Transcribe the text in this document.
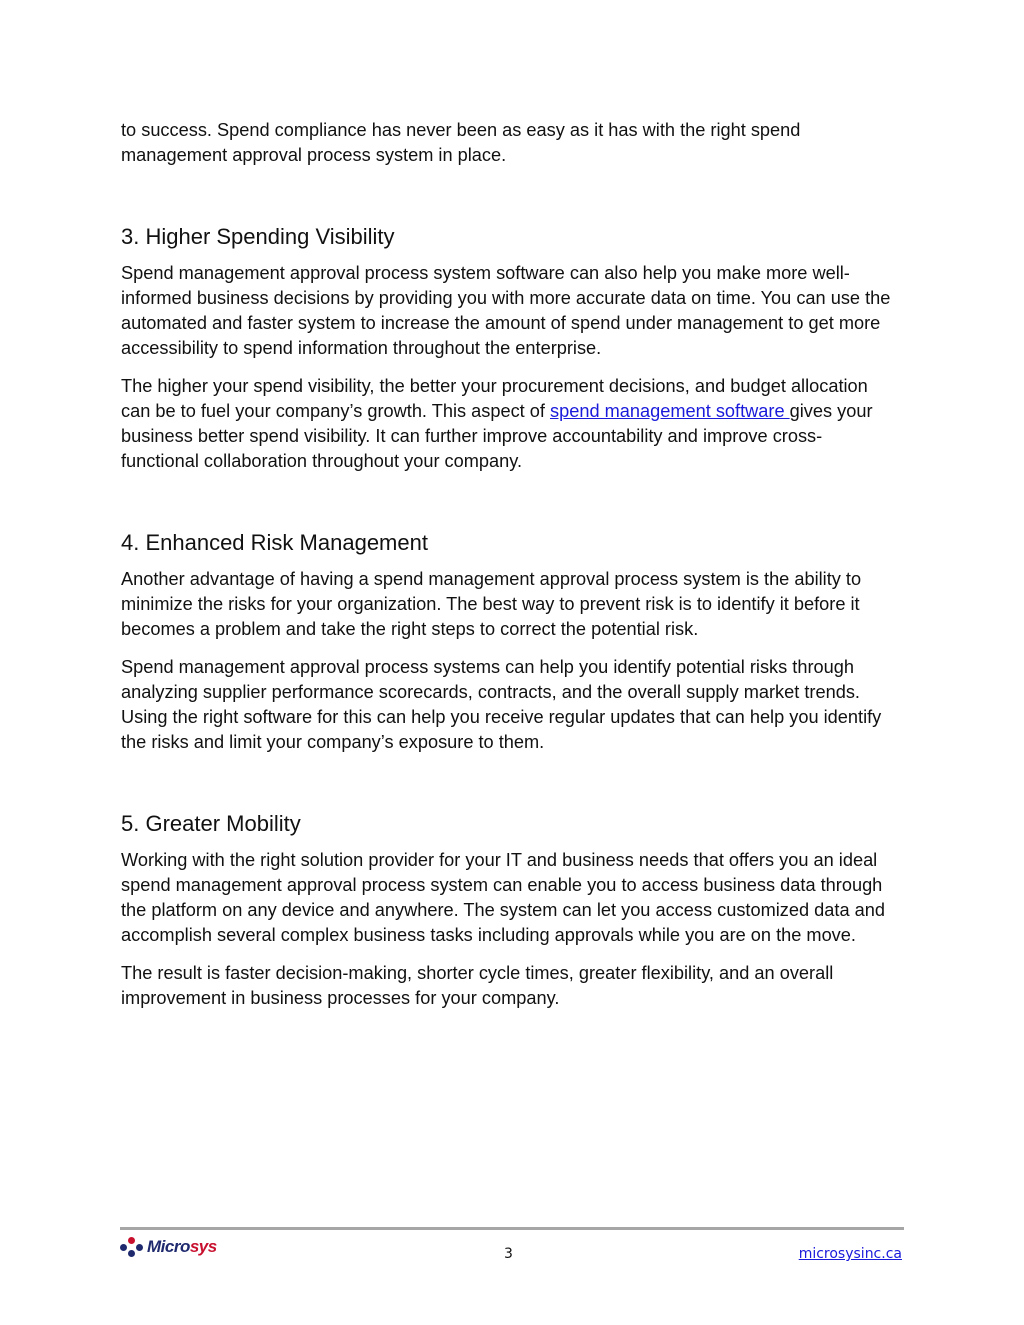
to success. Spend compliance has never been as easy as it has with the right spend management approval process system in place.

3. Higher Spending Visibility

Spend management approval process system software can also help you make more well-informed business decisions by providing you with more accurate data on time. You can use the automated and faster system to increase the amount of spend under management to get more accessibility to spend information throughout the enterprise.

The higher your spend visibility, the better your procurement decisions, and budget allocation can be to fuel your company’s growth. This aspect of spend management software gives your business better spend visibility. It can further improve accountability and improve cross-functional collaboration throughout your company.

4. Enhanced Risk Management

Another advantage of having a spend management approval process system is the ability to minimize the risks for your organization. The best way to prevent risk is to identify it before it becomes a problem and take the right steps to correct the potential risk.

Spend management approval process systems can help you identify potential risks through analyzing supplier performance scorecards, contracts, and the overall supply market trends. Using the right software for this can help you receive regular updates that can help you identify the risks and limit your company’s exposure to them.

5. Greater Mobility

Working with the right solution provider for your IT and business needs that offers you an ideal spend management approval process system can enable you to access business data through the platform on any device and anywhere. The system can let you access customized data and accomplish several complex business tasks including approvals while you are on the move.

The result is faster decision-making, shorter cycle times, greater flexibility, and an overall improvement in business processes for your company.

Micro sys	3	microsysinc.ca
